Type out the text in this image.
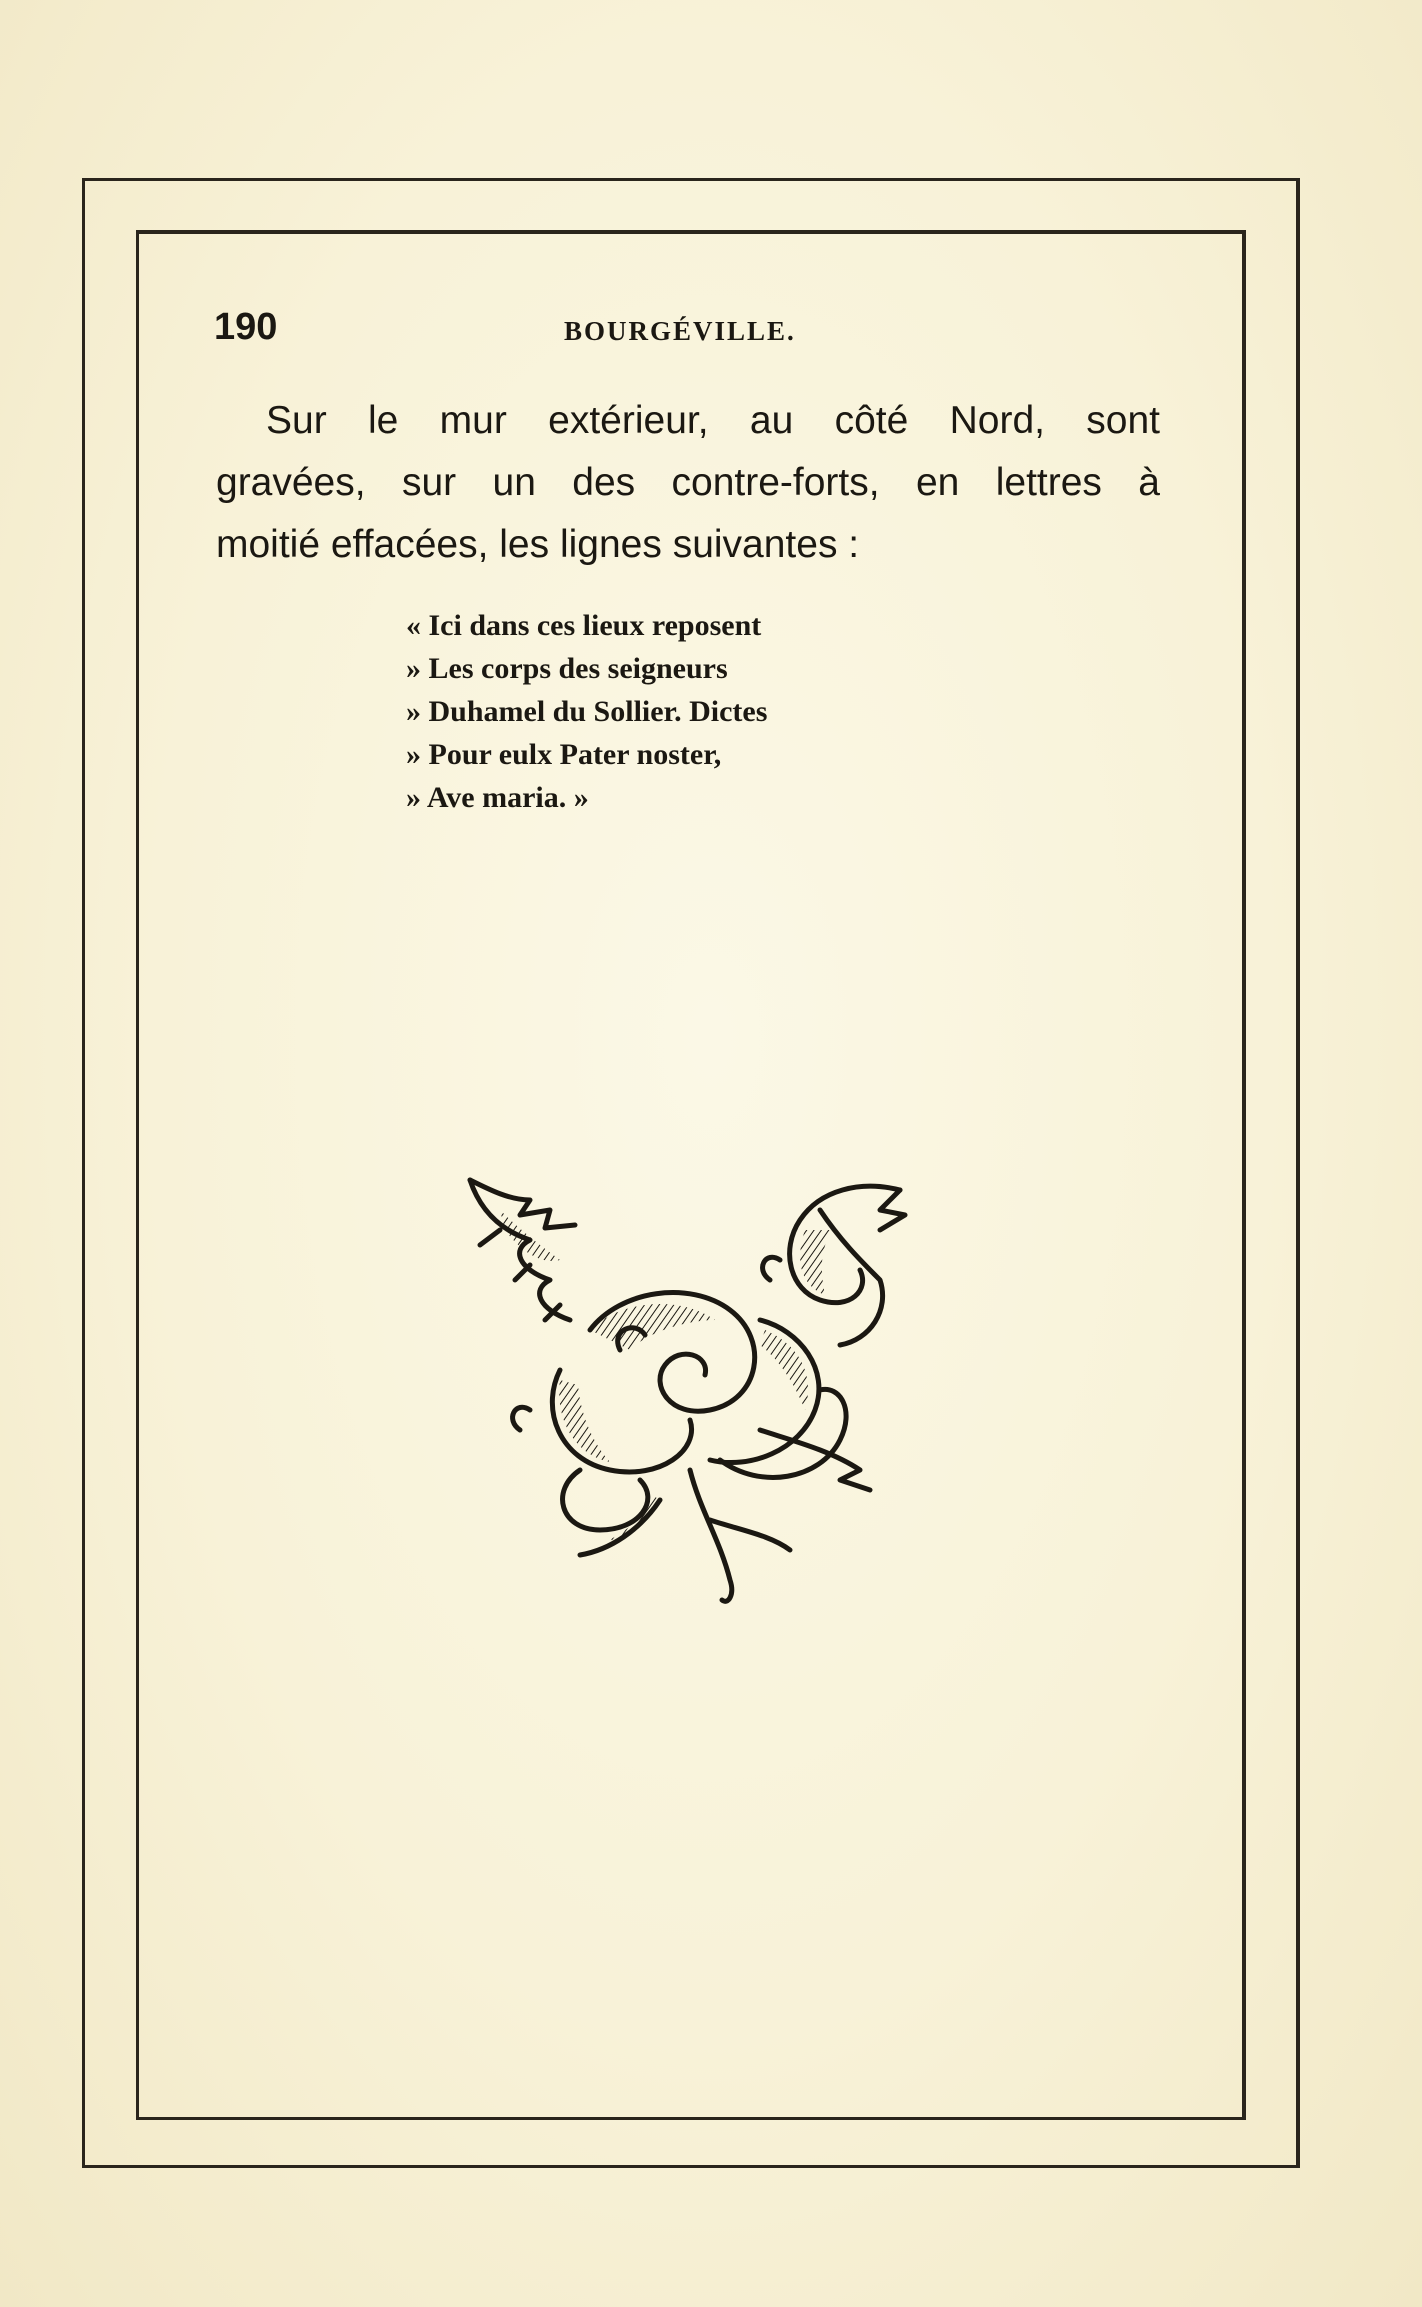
190	BOURGÉVILLE.
Sur le mur extérieur, au côté Nord, sont
gravées, sur un des contre-forts, en lettres à
moitié effacées, les lignes suivantes :
« Ici dans ces lieux reposent
» Les corps des seigneurs
» Duhamel du Sollier. Dictes
» Pour eulx Pater noster,
» Ave maria. »
